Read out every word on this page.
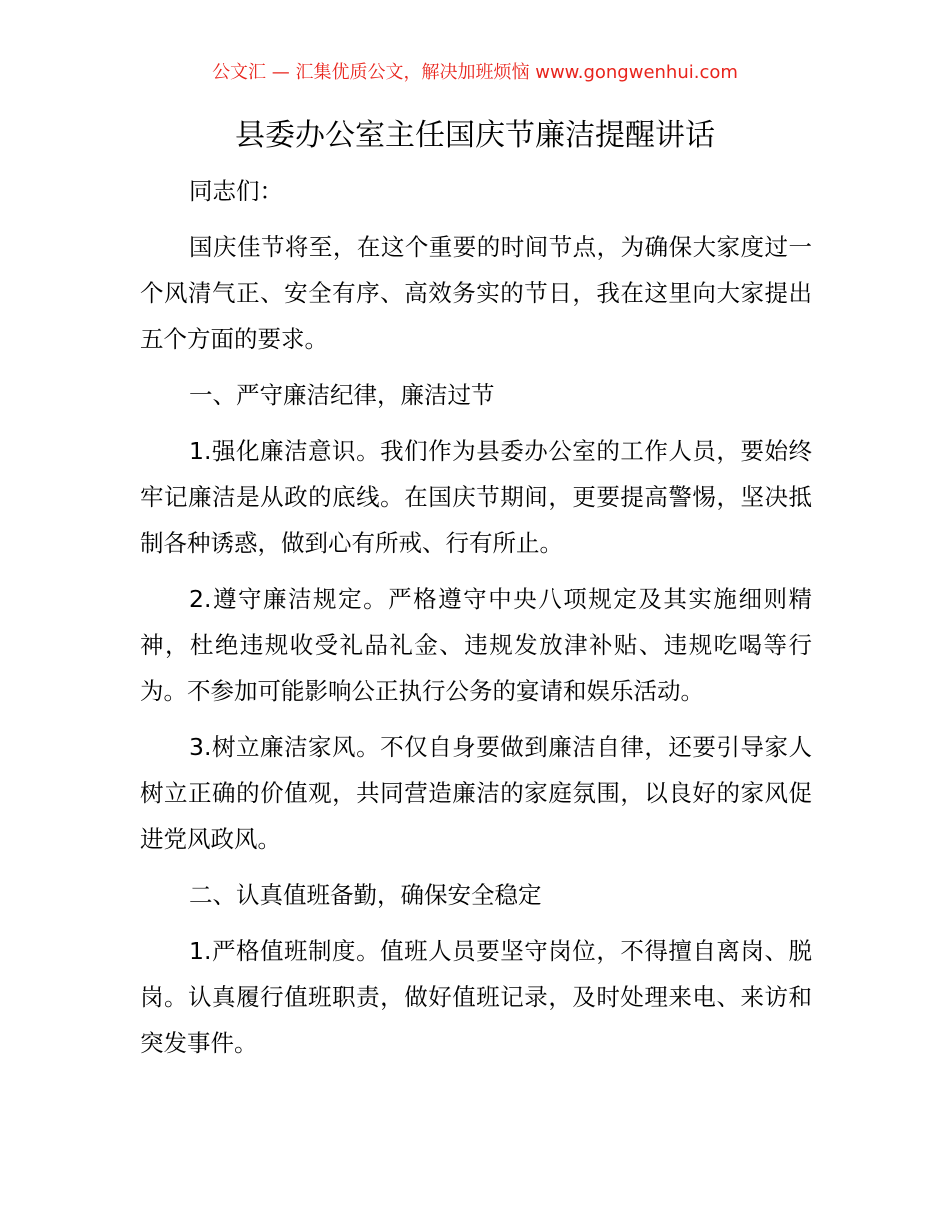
公文汇 — 汇集优质公文，解决加班烦恼 www.gongwenhui.com
县委办公室主任国庆节廉洁提醒讲话

同志们：

国庆佳节将至，在这个重要的时间节点，为确保大家度过一个风清气正、安全有序、高效务实的节日，我在这里向大家提出五个方面的要求。

一、严守廉洁纪律，廉洁过节

1.强化廉洁意识。我们作为县委办公室的工作人员，要始终牢记廉洁是从政的底线。在国庆节期间，更要提高警惕，坚决抵制各种诱惑，做到心有所戒、行有所止。

2.遵守廉洁规定。严格遵守中央八项规定及其实施细则精神，杜绝违规收受礼品礼金、违规发放津补贴、违规吃喝等行为。不参加可能影响公正执行公务的宴请和娱乐活动。

3.树立廉洁家风。不仅自身要做到廉洁自律，还要引导家人树立正确的价值观，共同营造廉洁的家庭氛围，以良好的家风促进党风政风。

二、认真值班备勤，确保安全稳定

1.严格值班制度。值班人员要坚守岗位，不得擅自离岗、脱岗。认真履行值班职责，做好值班记录，及时处理来电、来访和突发事件。
